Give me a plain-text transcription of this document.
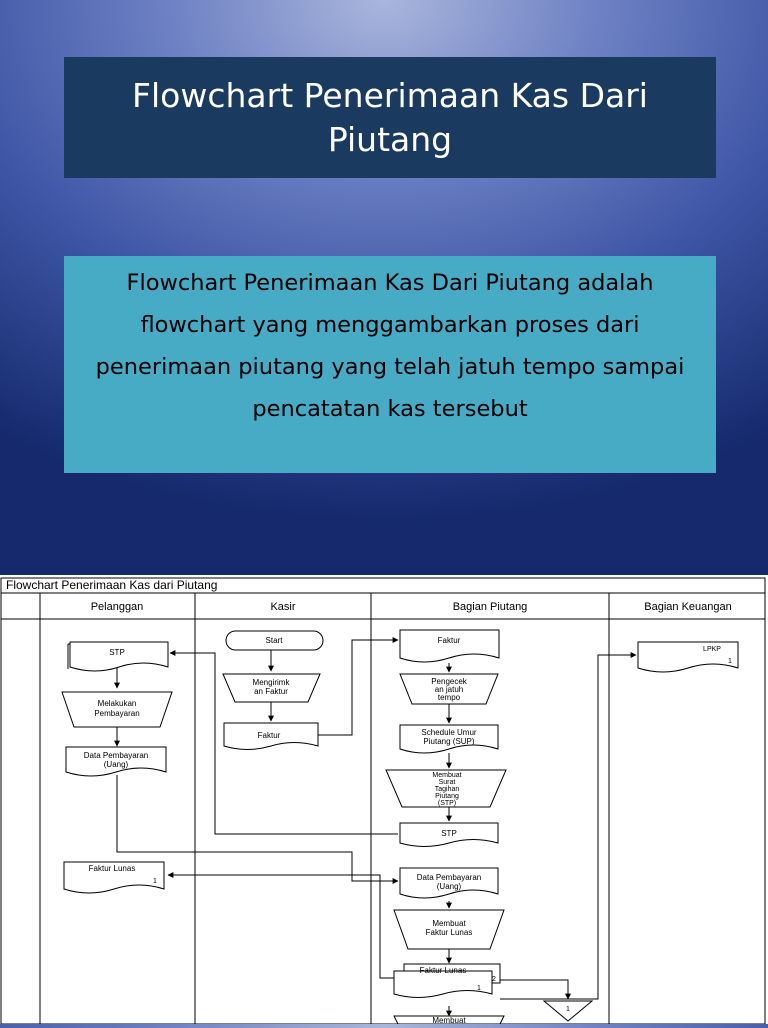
Flowchart Penerimaan Kas Dari Piutang
Flowchart Penerimaan Kas Dari Piutang adalah flowchart yang menggambarkan proses dari penerimaan piutang yang telah jatuh tempo sampai pencatatan kas tersebut
Flowchart Penerimaan Kas dari Piutang
Pelanggan	Kasir	Bagian Piutang	Bagian Keuangan
STP
Melakukan
Pembayaran
Data Pembayaran
(Uang)
Faktur Lunas
1
Start
Mengirimk
an Faktur
Faktur
Faktur
Pengecek
an jatuh
tempo
Schedule Umur
Piutang (SUP)
Membuat
Surat
Tagihan
Piutang
(STP)
STP
Data Pembayaran
(Uang)
Membuat
Faktur Lunas
Faktur Lunas
1
2
1
Membuat
LPKP
1
